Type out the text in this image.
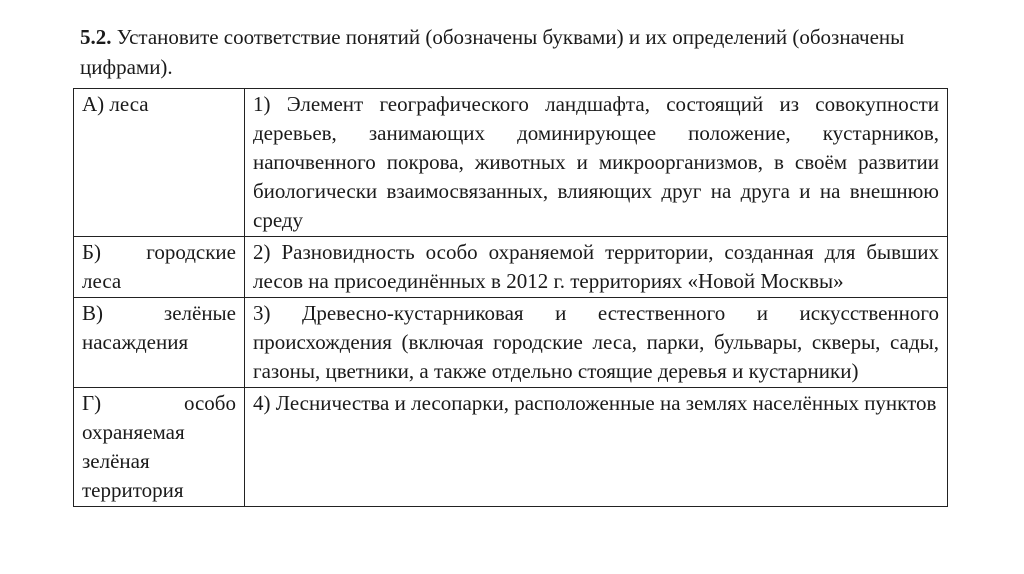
5.2. Установите соответствие понятий (обозначены буквами) и их определений (обозначены цифрами).
А) леса	1) Элемент географического ландшафта, состоящий из совокупности деревьев, занимающих доминирующее положение, кустарников, напочвенного покрова, животных и микроорганизмов, в своём развитии биологически взаимосвязанных, влияющих друг на друга и на внешнюю среду
Б) городские леса	2) Разновидность особо охраняемой территории, созданная для бывших лесов на присоединённых в 2012 г. территориях «Новой Москвы»
В) зелёные насаждения	3) Древесно-кустарниковая и естественного и искусственного происхождения (включая городские леса, парки, бульвары, скверы, сады, газоны, цветники, а также отдельно стоящие деревья и кустарники)
Г) особо охраняемая зелёная территория	4) Лесничества и лесопарки, расположенные на землях населённых пунктов
